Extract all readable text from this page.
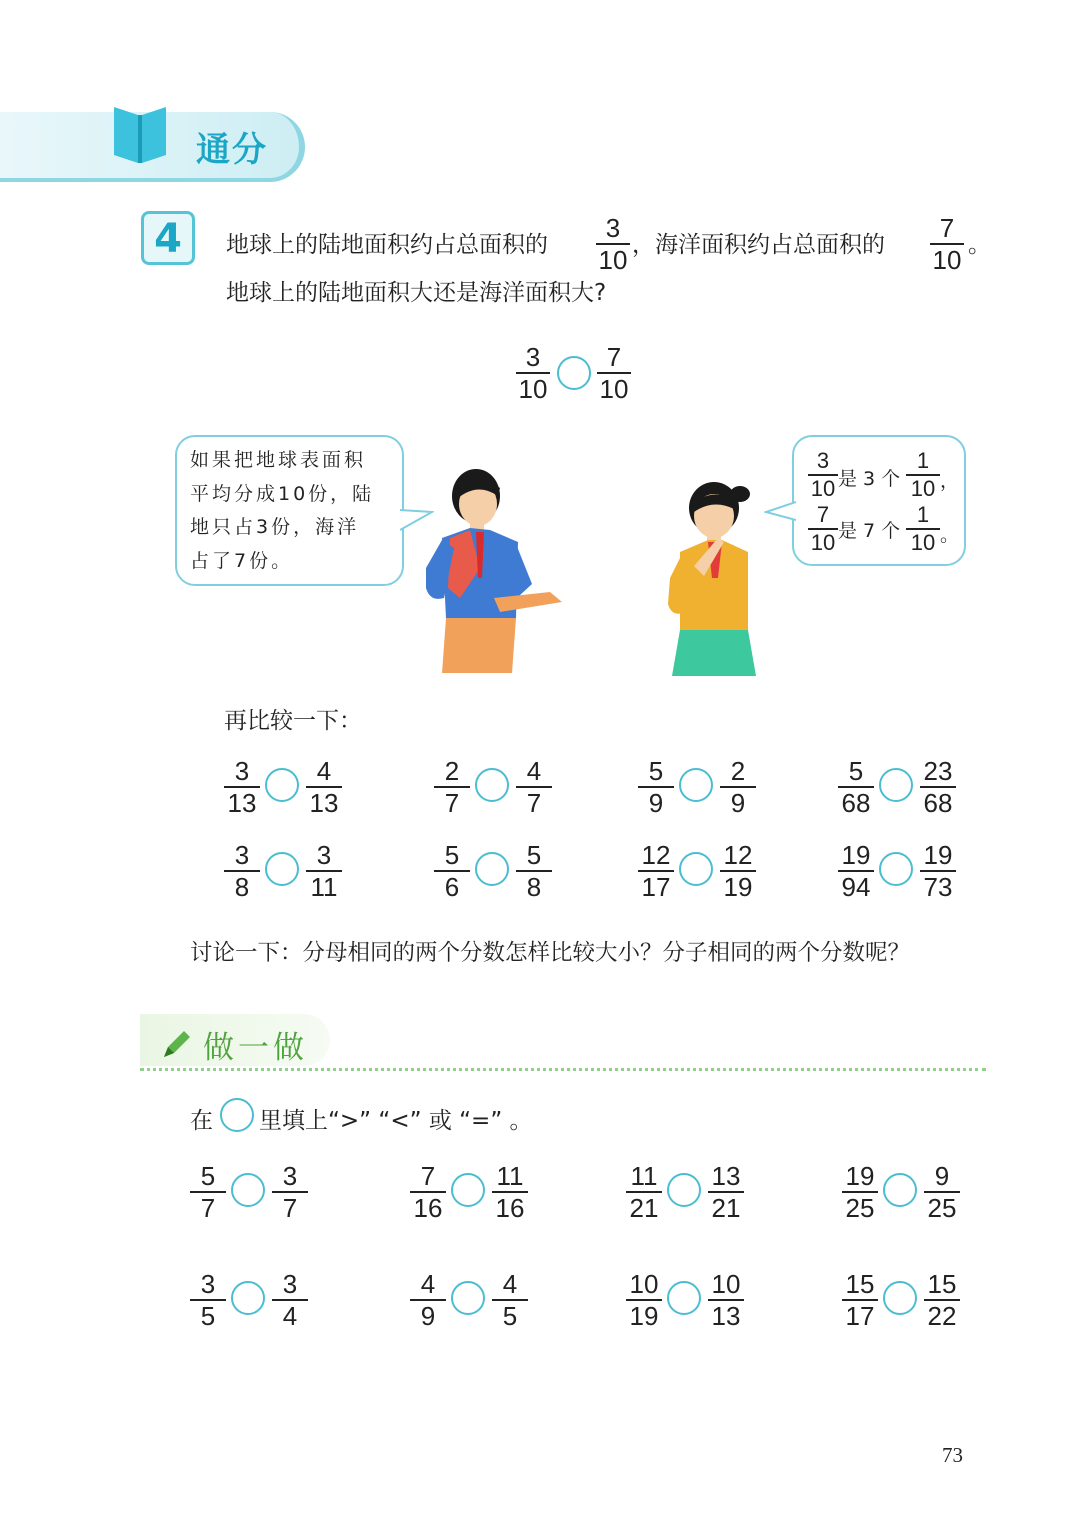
通分
4	地球上的陆地面积约占总面积的
3
10 ，海洋面积约占总面积的
7
10 。
地球上的陆地面积大还是海洋面积大?
3
10
7
10
如果把地球表面积
平均分成10份，陆
地只占3份，海洋
占了7份。
3
10 是 3 个
1
10 ，
7
10 是 7 个
1
10 。
再比较一下：
3
13
4
13
2
7
4
7
5
9
2
9
5
68
23
68
3
8
3
11
5
6
5
8
12
17
12
19
19
94
19
73
讨论一下：分母相同的两个分数怎样比较大小？分子相同的两个分数呢？
做一做
在 里填上“>” “<” 或 “=” 。
5
7
3
7
7
16
11
16
11
21
13
21
19
25
9
25
3
5
3
4
4
9
4
5
10
19
10
13
15
17
15
22
73
